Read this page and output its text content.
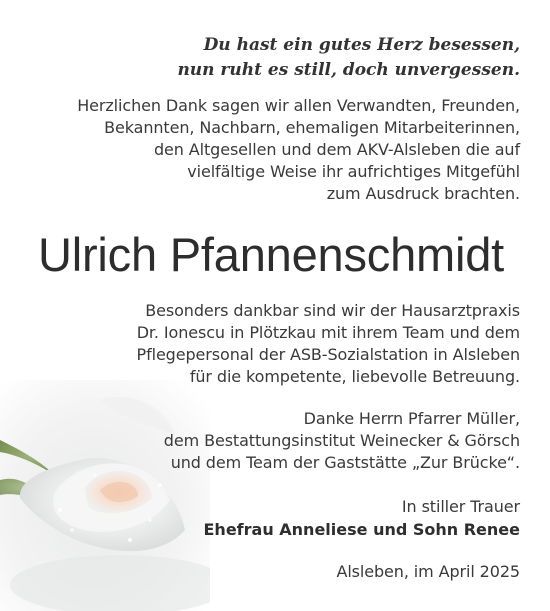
Du hast ein gutes Herz besessen,
nun ruht es still, doch unvergessen.
Herzlichen Dank sagen wir allen Verwandten, Freunden,
Bekannten, Nachbarn, ehemaligen Mitarbeiterinnen,
den Altgesellen und dem AKV-Alsleben die auf
vielfältige Weise ihr aufrichtiges Mitgefühl
zum Ausdruck brachten.
Ulrich Pfannenschmidt
Besonders dankbar sind wir der Hausarztpraxis
Dr. Ionescu in Plötzkau mit ihrem Team und dem
Pflegepersonal der ASB-Sozialstation in Alsleben
für die kompetente, liebevolle Betreuung.
Danke Herrn Pfarrer Müller,
dem Bestattungsinstitut Weinecker & Görsch
und dem Team der Gaststätte „Zur Brücke“.
In stiller Trauer
Ehefrau Anneliese und Sohn Renee
Alsleben, im April 2025
